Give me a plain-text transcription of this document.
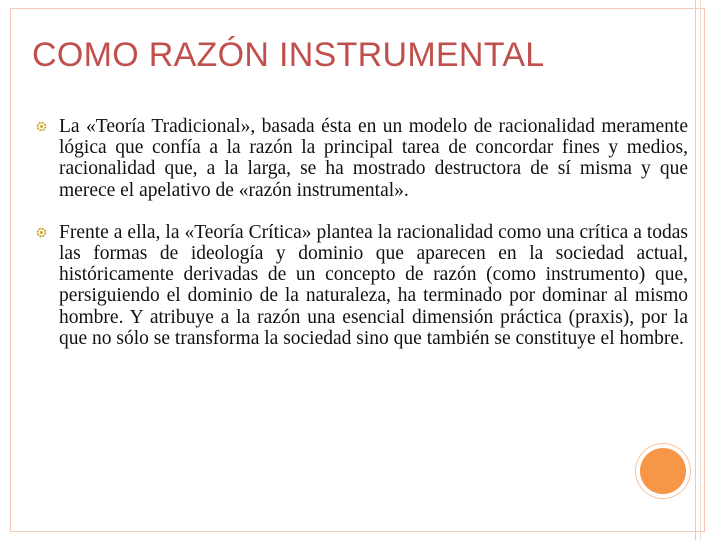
COMO RAZÓN INSTRUMENTAL
La «Teoría Tradicional», basada ésta en un modelo de racionalidad meramente lógica que confía a la razón la principal tarea de concordar fines y medios, racionalidad que, a la larga, se ha mostrado destructora de sí misma y que merece el apelativo de «razón instrumental».
Frente a ella, la «Teoría Crítica» plantea la racionalidad como una crítica a todas las formas de ideología y dominio que aparecen en la sociedad actual, históricamente derivadas de un concepto de razón (como instrumento) que, persiguiendo el dominio de la naturaleza, ha terminado por dominar al mismo hombre. Y atribuye a la razón una esencial dimensión práctica (praxis), por la que no sólo se transforma la sociedad sino que también se constituye el hombre.
